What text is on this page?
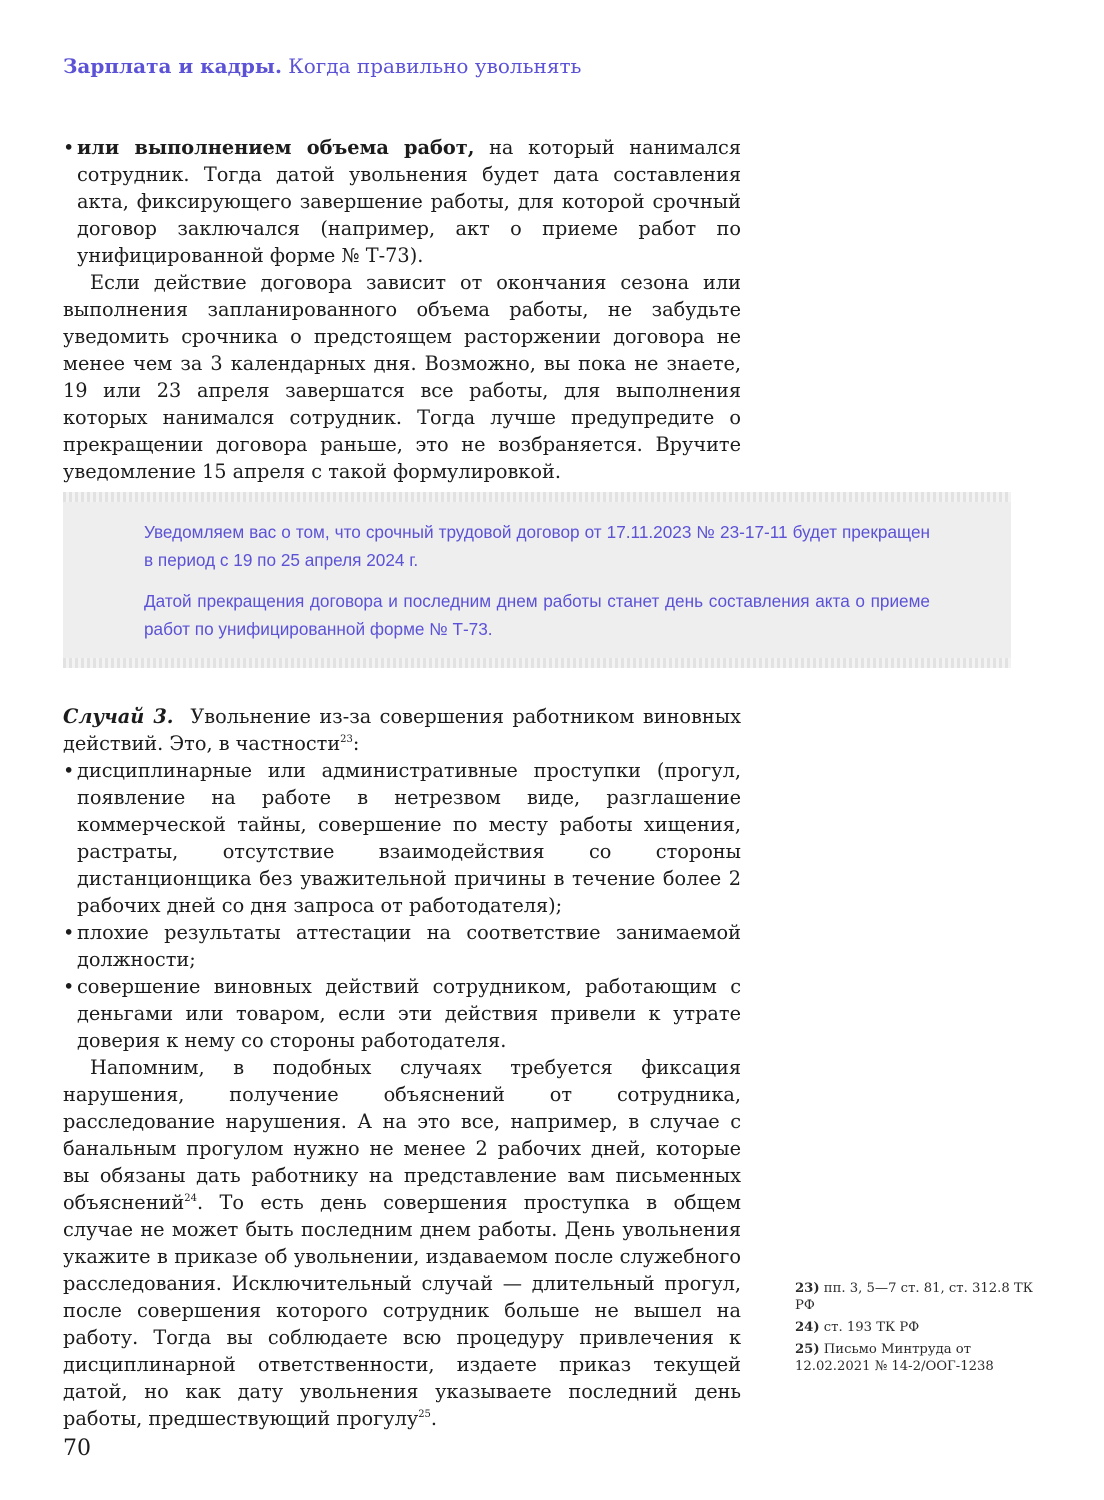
Зарплата и кадры. Когда правильно увольнять

• или выполнением объема работ, на который нанимался сотрудник. Тогда датой увольнения будет дата составления акта, фиксирующего завершение работы, для которой срочный договор заключался (например, акт о приеме работ по унифицированной форме № Т-73).

Если действие договора зависит от окончания сезона или выполнения запланированного объема работы, не забудьте уведомить срочника о предстоящем расторжении договора не менее чем за 3 календарных дня. Возможно, вы пока не знаете, 19 или 23 апреля завершатся все работы, для выполнения которых нанимался сотрудник. Тогда лучше предупредите о прекращении договора раньше, это не возбраняется. Вручите уведомление 15 апреля с такой формулировкой.

Уведомляем вас о том, что срочный трудовой договор от 17.11.2023 № 23-17-11 будет прекращен в период с 19 по 25 апреля 2024 г.

Датой прекращения договора и последним днем работы станет день составления акта о приеме работ по унифицированной форме № Т-73.

Случай 3. Увольнение из-за совершения работником виновных действий. Это, в частности$^{23}$:

• дисциплинарные или административные проступки (прогул, появление на работе в нетрезвом виде, разглашение коммерческой тайны, совершение по месту работы хищения, растраты, отсутствие взаимодействия со стороны дистанционщика без уважительной причины в течение более 2 рабочих дней со дня запроса от работодателя);

• плохие результаты аттестации на соответствие занимаемой должности;

• совершение виновных действий сотрудником, работающим с деньгами или товаром, если эти действия привели к утрате доверия к нему со стороны работодателя.

Напомним, в подобных случаях требуется фиксация нарушения, получение объяснений от сотрудника, расследование нарушения. А на это все, например, в случае с банальным прогулом нужно не менее 2 рабочих дней, которые вы обязаны дать работнику на представление вам письменных объяснений$^{24}$. То есть день совершения проступка в общем случае не может быть последним днем работы. День увольнения укажите в приказе об увольнении, издаваемом после служебного расследования. Исключительный случай — длительный прогул, после совершения которого сотрудник больше не вышел на работу. Тогда вы соблюдаете всю процедуру привлечения к дисциплинарной ответственности, издаете приказ текущей датой, но как дату увольнения указываете последний день работы, предшествующий прогулу$^{25}$.

23) пп. 3, 5—7 ст. 81, ст. 312.8 ТК РФ

24) ст. 193 ТК РФ

25) Письмо Минтруда от 12.02.2021 № 14-2/ООГ-1238

70
